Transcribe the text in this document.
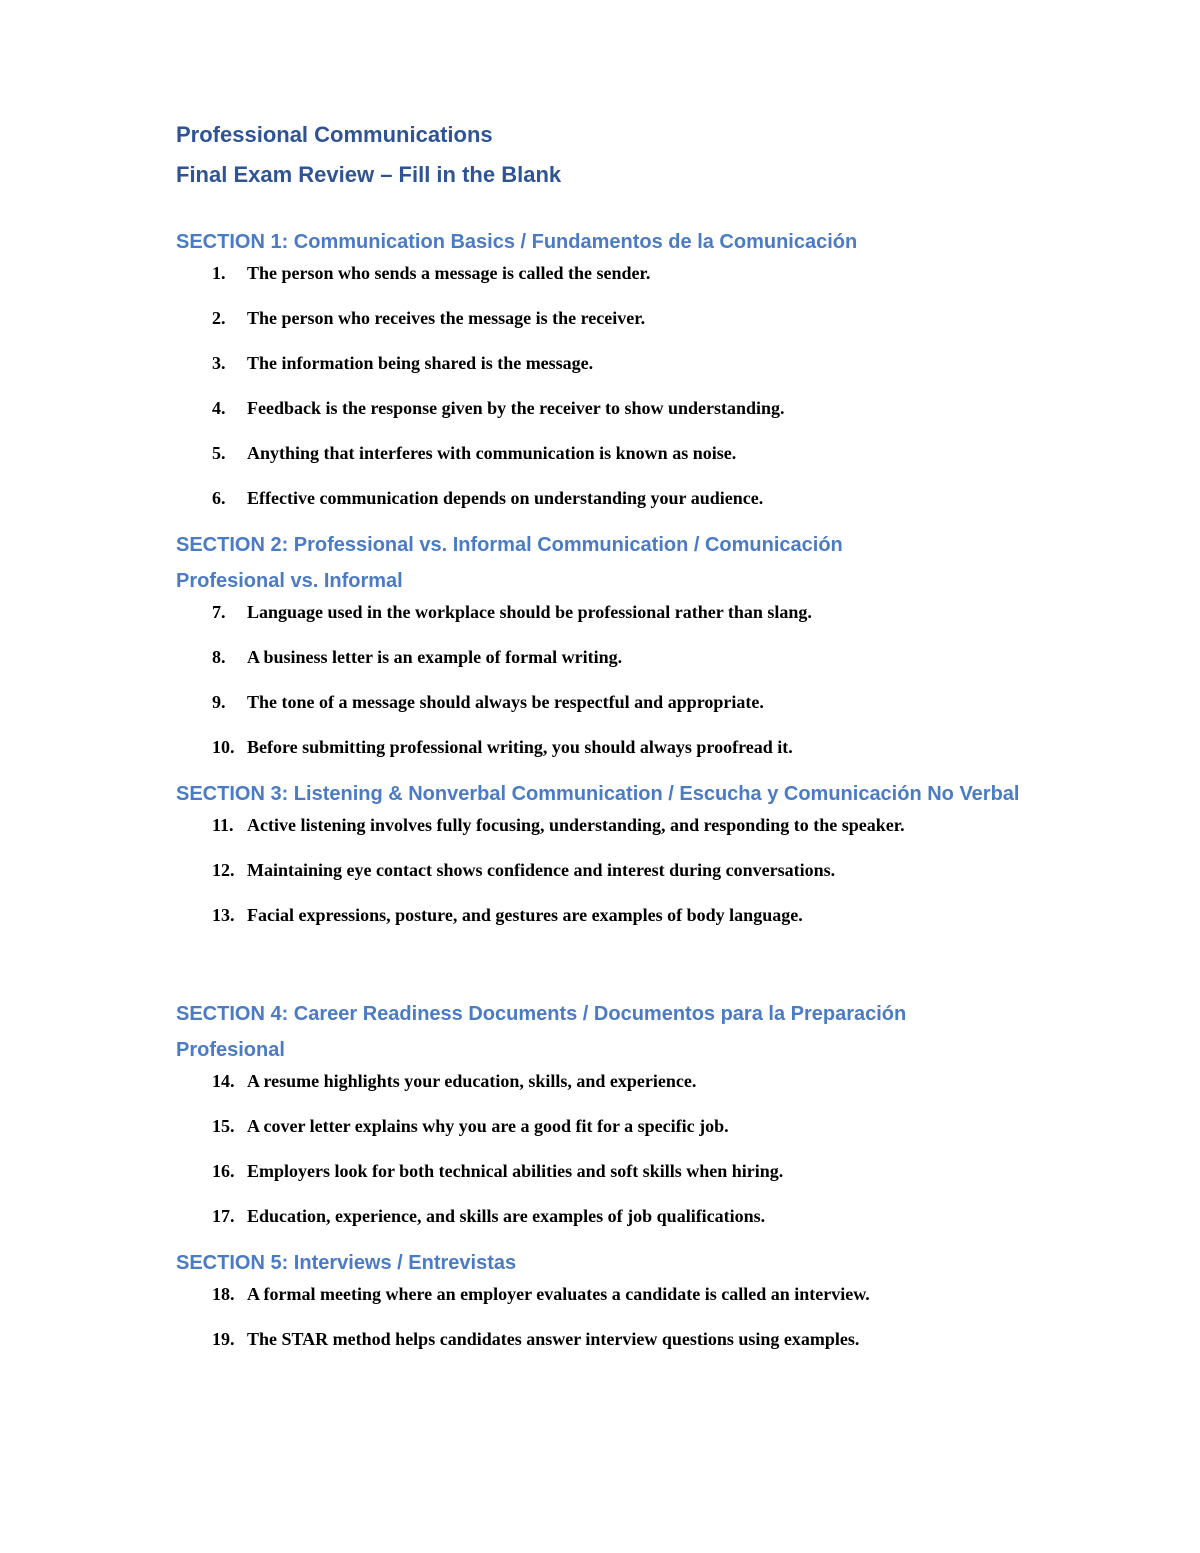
Professional Communications
Final Exam Review – Fill in the Blank
SECTION 1: Communication Basics / Fundamentos de la Comunicación
1. The person who sends a message is called the sender.
2. The person who receives the message is the receiver.
3. The information being shared is the message.
4. Feedback is the response given by the receiver to show understanding.
5. Anything that interferes with communication is known as noise.
6. Effective communication depends on understanding your audience.
SECTION 2: Professional vs. Informal Communication / Comunicación Profesional vs. Informal
7. Language used in the workplace should be professional rather than slang.
8. A business letter is an example of formal writing.
9. The tone of a message should always be respectful and appropriate.
10. Before submitting professional writing, you should always proofread it.
SECTION 3: Listening & Nonverbal Communication / Escucha y Comunicación No Verbal
11. Active listening involves fully focusing, understanding, and responding to the speaker.
12. Maintaining eye contact shows confidence and interest during conversations.
13. Facial expressions, posture, and gestures are examples of body language.
SECTION 4: Career Readiness Documents / Documentos para la Preparación Profesional
14. A resume highlights your education, skills, and experience.
15. A cover letter explains why you are a good fit for a specific job.
16. Employers look for both technical abilities and soft skills when hiring.
17. Education, experience, and skills are examples of job qualifications.
SECTION 5: Interviews / Entrevistas
18. A formal meeting where an employer evaluates a candidate is called an interview.
19. The STAR method helps candidates answer interview questions using examples.
